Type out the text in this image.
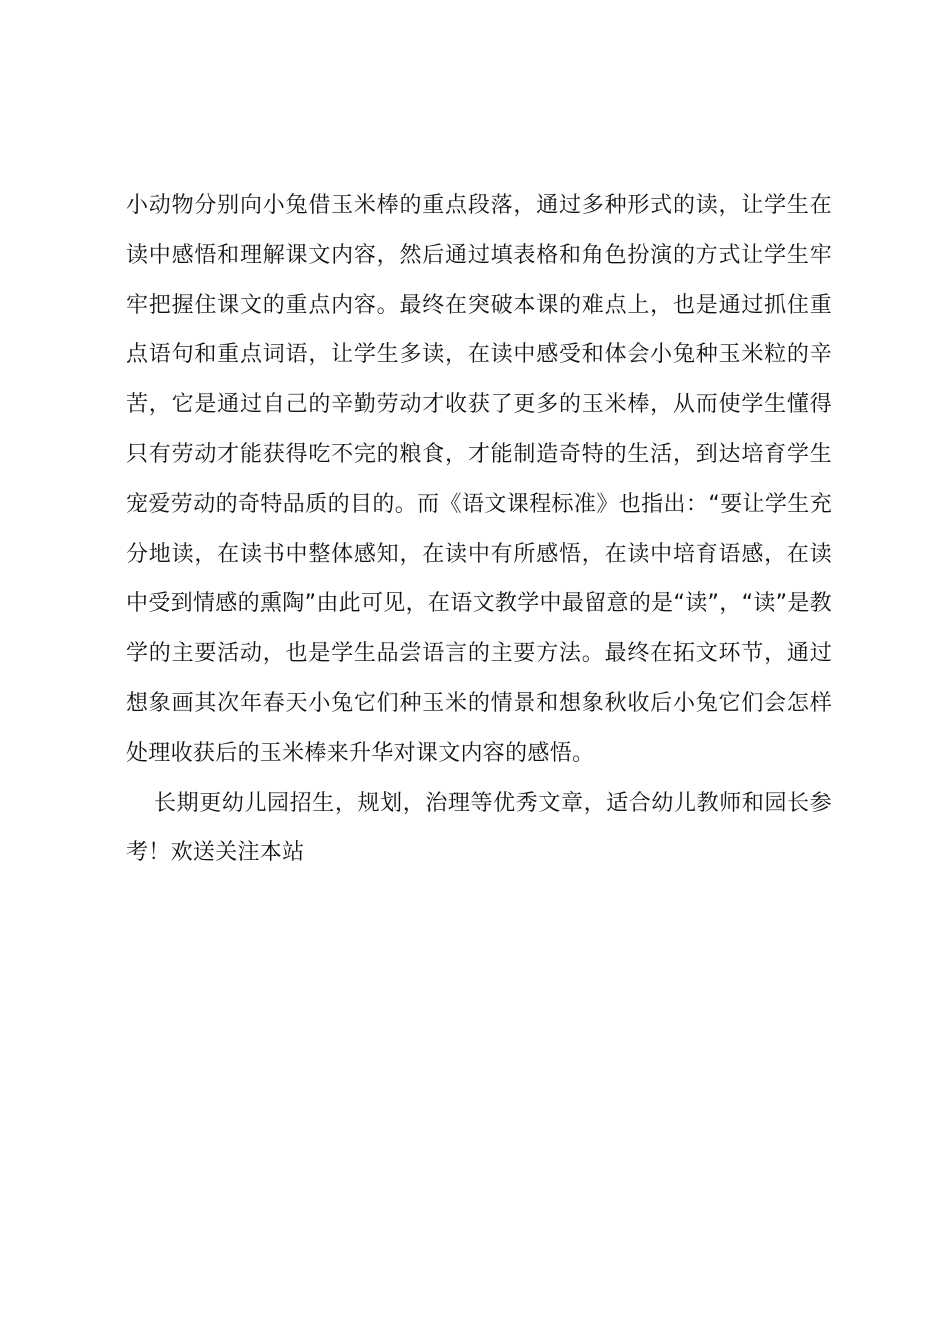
小动物分别向小兔借玉米棒的重点段落，通过多种形式的读，让学生在读中感悟和理解课文内容，然后通过填表格和角色扮演的方式让学生牢牢把握住课文的重点内容。最终在突破本课的难点上，也是通过抓住重点语句和重点词语，让学生多读，在读中感受和体会小兔种玉米粒的辛苦，它是通过自己的辛勤劳动才收获了更多的玉米棒，从而使学生懂得只有劳动才能获得吃不完的粮食，才能制造奇特的生活，到达培育学生宠爱劳动的奇特品质的目的。而《语文课程标准》也指出：“要让学生充分地读，在读书中整体感知，在读中有所感悟，在读中培育语感，在读中受到情感的熏陶”由此可见，在语文教学中最留意的是“读”，“读”是教学的主要活动，也是学生品尝语言的主要方法。最终在拓文环节，通过想象画其次年春天小兔它们种玉米的情景和想象秋收后小兔它们会怎样处理收获后的玉米棒来升华对课文内容的感悟。

长期更幼儿园招生，规划，治理等优秀文章，适合幼儿教师和园长参考！欢送关注本站
